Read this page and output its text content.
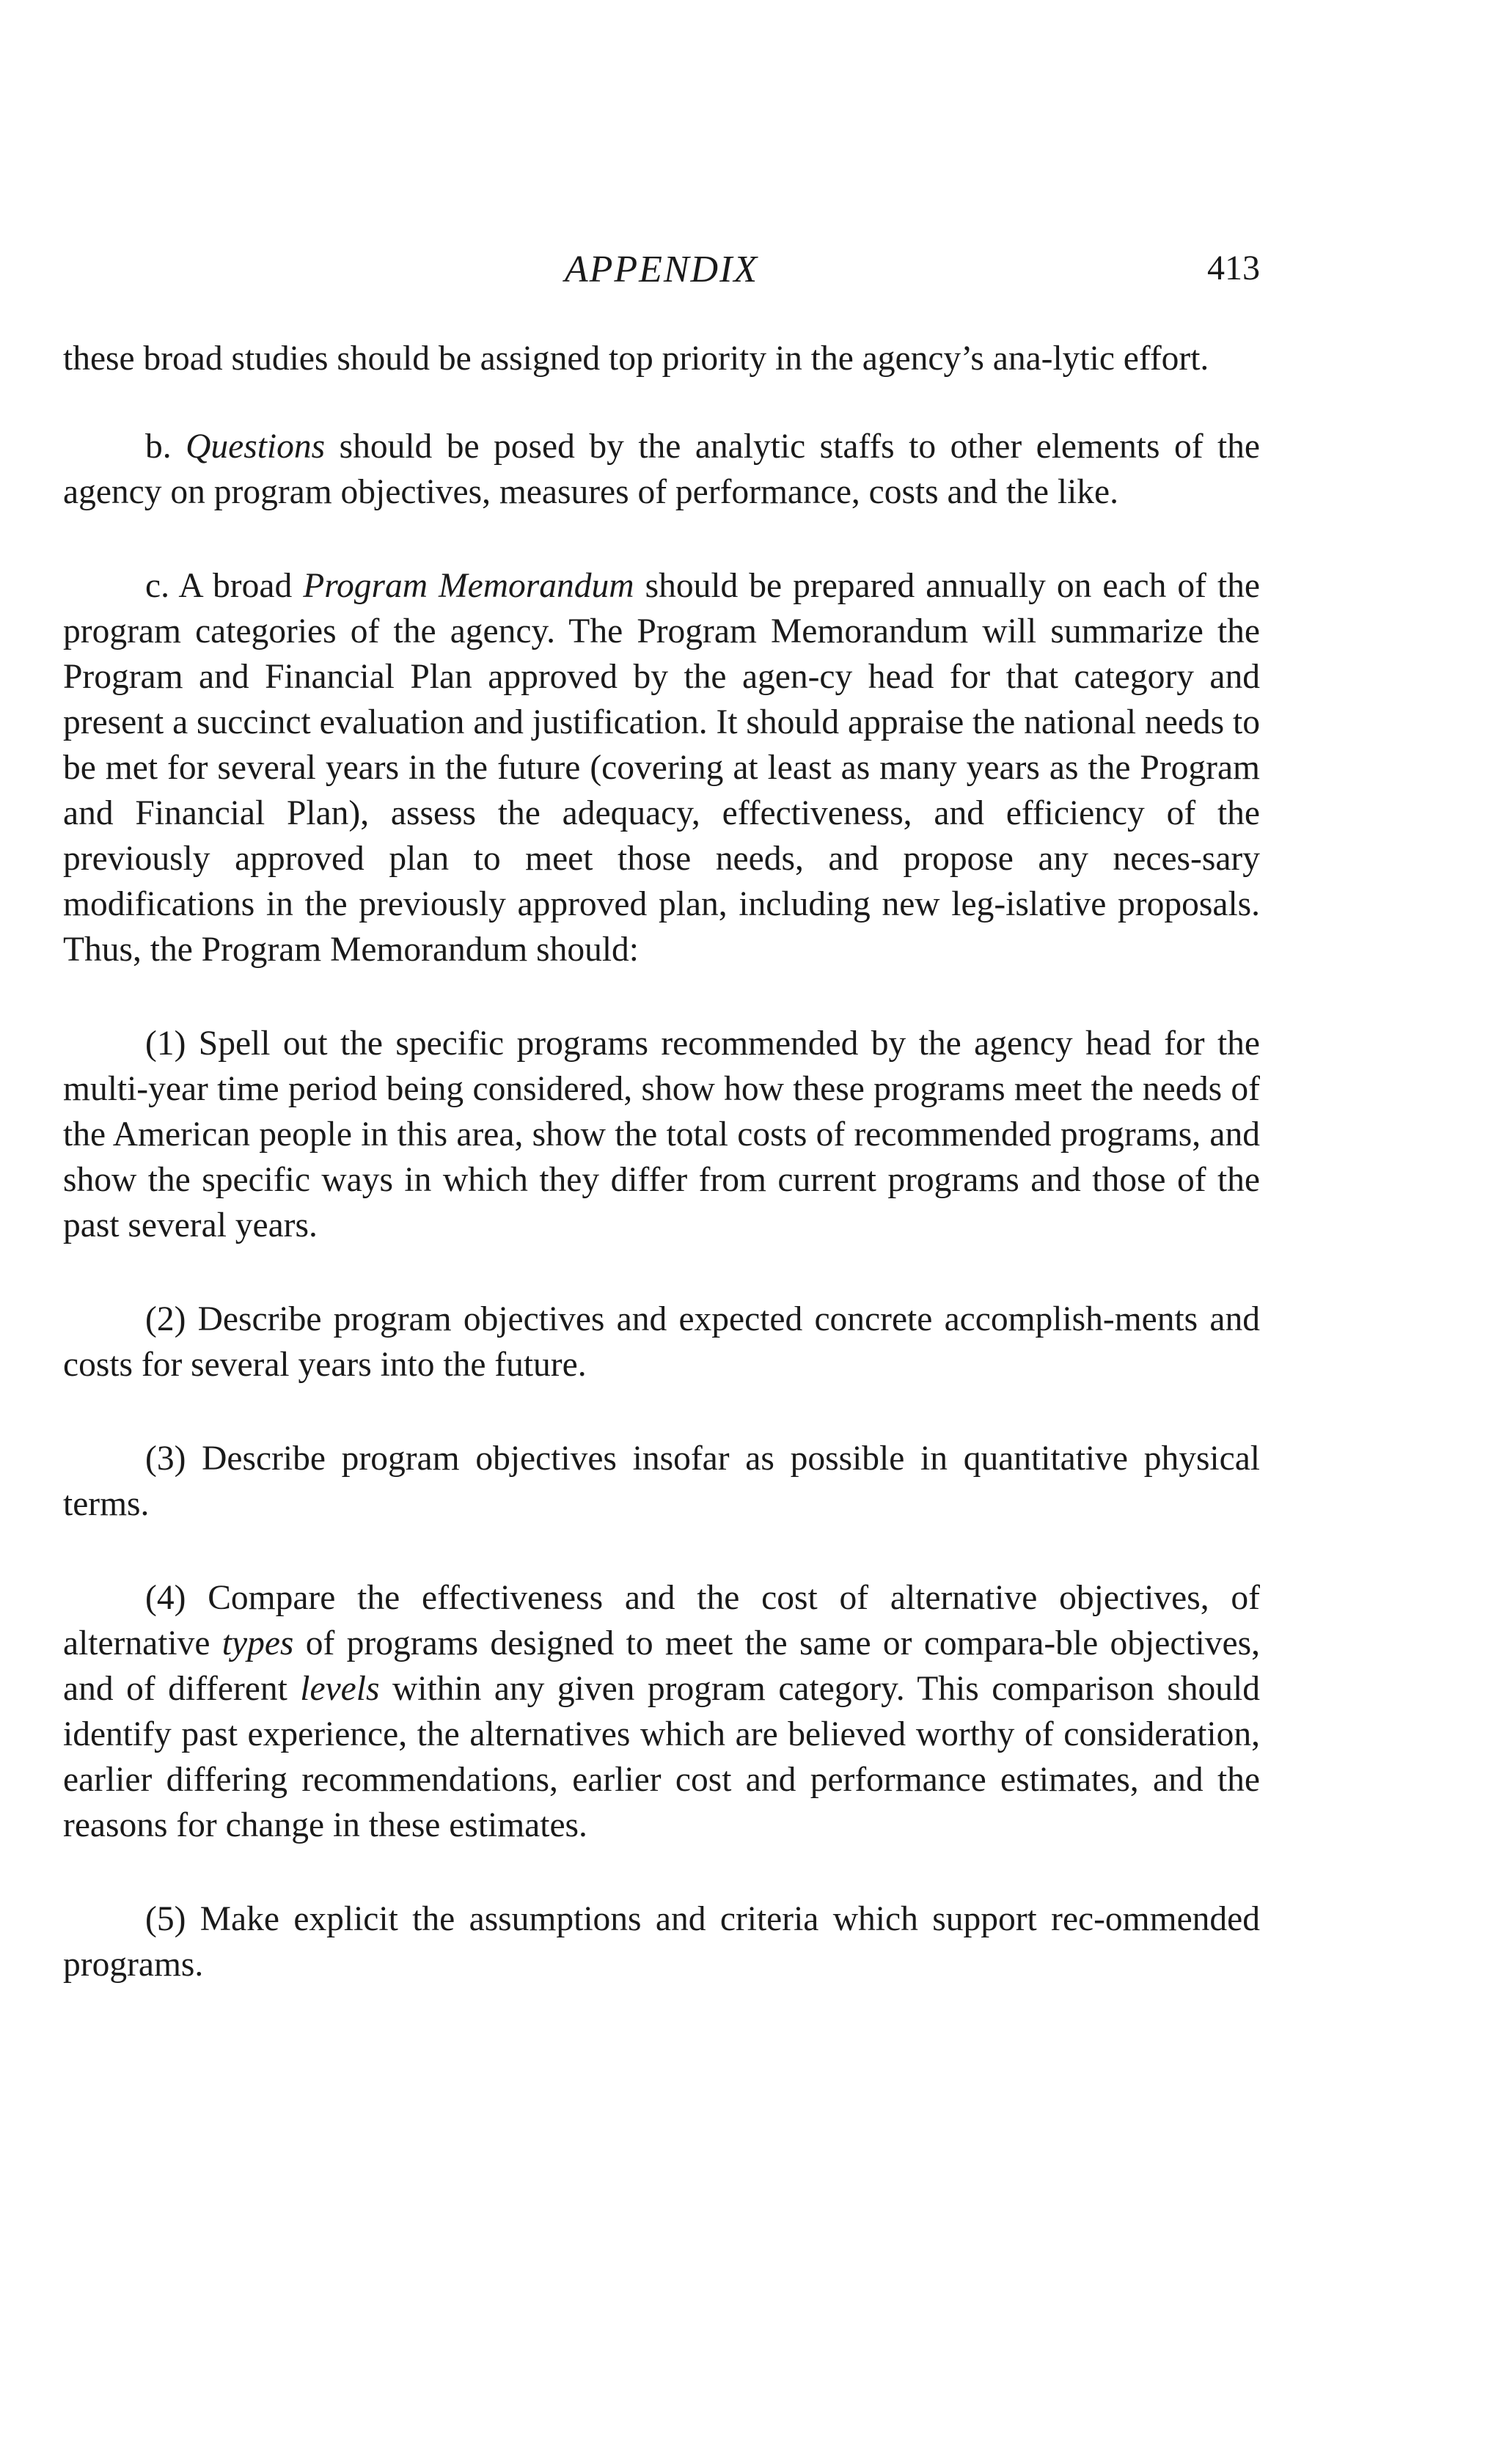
APPENDIX	413

these broad studies should be assigned top priority in the agency’s ana-lytic effort.

b. Questions should be posed by the analytic staffs to other elements of the agency on program objectives, measures of performance, costs and the like.

c. A broad Program Memorandum should be prepared annually on each of the program categories of the agency. The Program Memorandum will summarize the Program and Financial Plan approved by the agen-cy head for that category and present a succinct evaluation and justification. It should appraise the national needs to be met for several years in the future (covering at least as many years as the Program and Financial Plan), assess the adequacy, effectiveness, and efficiency of the previously approved plan to meet those needs, and propose any neces-sary modifications in the previously approved plan, including new leg-islative proposals. Thus, the Program Memorandum should:

(1) Spell out the specific programs recommended by the agency head for the multi-year time period being considered, show how these programs meet the needs of the American people in this area, show the total costs of recommended programs, and show the specific ways in which they differ from current programs and those of the past several years.

(2) Describe program objectives and expected concrete accomplish-ments and costs for several years into the future.

(3) Describe program objectives insofar as possible in quantitative physical terms.

(4) Compare the effectiveness and the cost of alternative objectives, of alternative types of programs designed to meet the same or compara-ble objectives, and of different levels within any given program category. This comparison should identify past experience, the alternatives which are believed worthy of consideration, earlier differing recommendations, earlier cost and performance estimates, and the reasons for change in these estimates.

(5) Make explicit the assumptions and criteria which support rec-ommended programs.
